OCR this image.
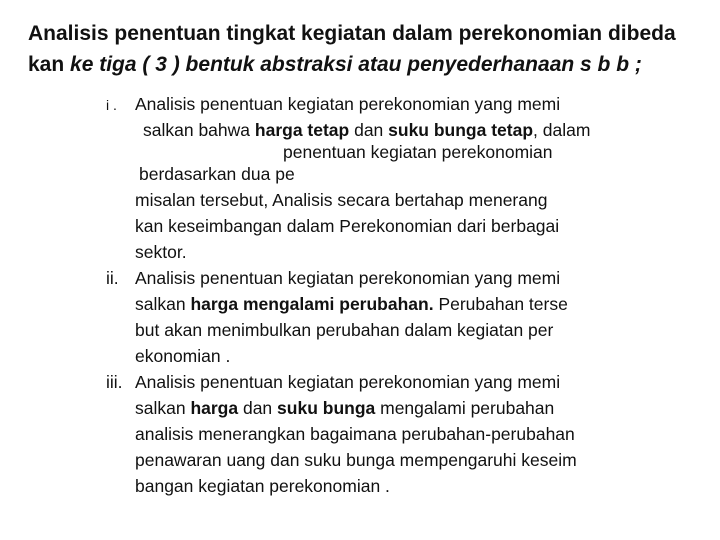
Analisis penentuan tingkat kegiatan dalam perekonomian dibeda
kan ke tiga ( 3 ) bentuk abstraksi atau penyederhanaan s b b ;
i . Analisis penentuan kegiatan perekonomian yang memi
salkan bahwa harga tetap dan suku bunga tetap, dalam
penentuan kegiatan perekonomian
berdasarkan dua pe
misalan tersebut, Analisis secara bertahap menerang
kan keseimbangan dalam Perekonomian dari berbagai
sektor.
ii. Analisis penentuan kegiatan perekonomian yang memi
salkan harga mengalami perubahan. Perubahan terse
but akan menimbulkan perubahan dalam kegiatan per
ekonomian .
iii. Analisis penentuan kegiatan perekonomian yang memi
salkan harga dan suku bunga mengalami perubahan
analisis menerangkan bagaimana perubahan-perubahan
penawaran uang dan suku bunga mempengaruhi keseim
bangan kegiatan perekonomian .
